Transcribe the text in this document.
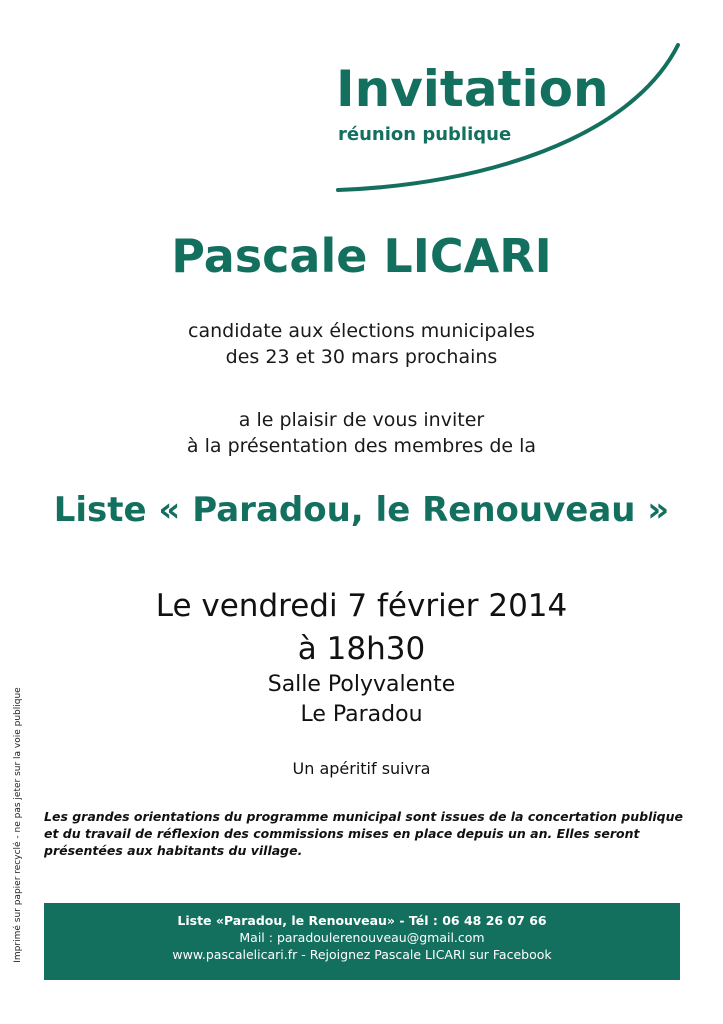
Invitation
réunion publique
Pascale LICARI
candidate aux élections municipales
des 23 et 30 mars prochains
a le plaisir de vous inviter
à la présentation des membres de la
Liste « Paradou, le Renouveau »
Le vendredi 7 février 2014
à 18h30
Salle Polyvalente
Le Paradou
Un apéritif suivra
Les grandes orientations du programme municipal sont issues de la concertation publique et du travail de réflexion des commissions mises en place depuis un an. Elles seront présentées aux habitants du village.
Imprimé sur papier recyclé - ne pas jeter sur la voie publique	Liste «Paradou, le Renouveau» - Tél : 06 48 26 07 66
Mail : paradoulerenouveau@gmail.com
www.pascalelicari.fr - Rejoignez Pascale LICARI sur Facebook
